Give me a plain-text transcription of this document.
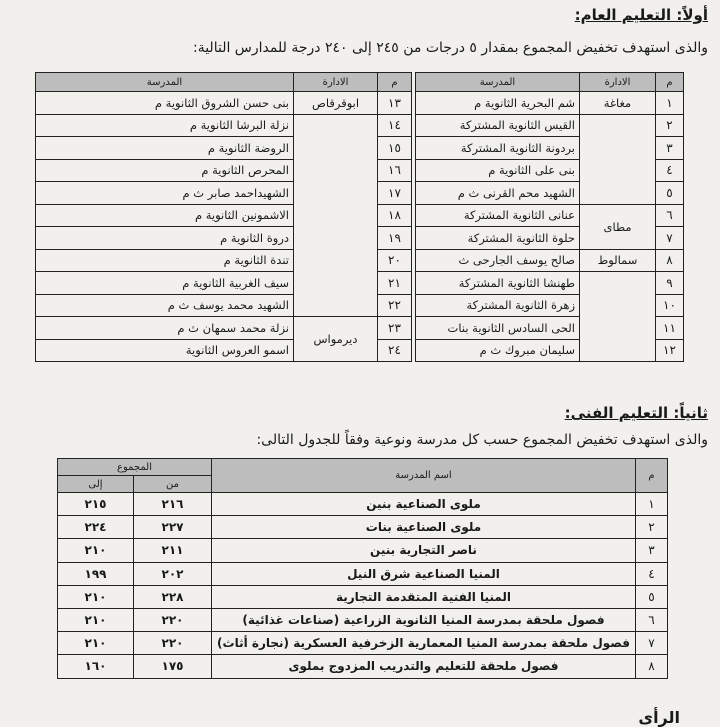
أولاً: التعليم العام:
والذى استهدف تخفيض المجموع بمقدار ٥ درجات من ٢٤٥ إلى ٢٤٠ درجة للمدارس التالية:
م	الادارة	المدرسة		م	الادارة	المدرسة
١	مغاغة	شم البحرية الثانوية م		١٣	ابوقرقاص	بنى حسن الشروق الثانوية م
٢		القيس الثانوية المشتركة		١٤		نزلة البرشا الثانوية م
٣		بردونة الثانوية المشتركة		١٥		الروضة الثانوية م
٤		بنى على الثانوية م		١٦		المحرص الثانوية م
٥		الشهيد محم القرنى ث م		١٧		الشهيداحمد صابر ث م
٦	مطاى	عنانى الثانوية المشتركة		١٨		الاشمونين الثانوية م
٧		حلوة الثانوية المشتركة		١٩		دروة الثانوية م
٨	سمالوط	صالح يوسف الجارحى ث		٢٠		تندة الثانوية م
٩		طهنشا الثانوية المشتركة		٢١		سيف الغربية الثانوية م
١٠		زهرة الثانوية المشتركة		٢٢		الشهيد محمد يوسف ث م
١١		الحى السادس الثانوية بنات		٢٣	ديرمواس	نزلة محمد سمهان ث م
١٢		سليمان مبروك ث م		٢٤		اسمو العروس الثانوية
ثانياً: التعليم الفنى:
والذى استهدف تخفيض المجموع حسب كل مدرسة ونوعية وفقاً للجدول التالى:
م	اسم المدرسة	المجموع	
		من	إلى
١	ملوى الصناعية بنين	٢١٦	٢١٥
٢	ملوى الصناعية بنات	٢٢٧	٢٢٤
٣	ناصر التجارية بنين	٢١١	٢١٠
٤	المنيا الصناعية شرق النيل	٢٠٢	١٩٩
٥	المنيا الفنية المتقدمة التجارية	٢٢٨	٢١٠
٦	فصول ملحقة بمدرسة المنيا الثانوية الزراعية (صناعات غذائية)	٢٢٠	٢١٠
٧	فصول ملحقة بمدرسة المنيا المعمارية الزخرفية العسكرية (نجارة أثاث)	٢٢٠	٢١٠
٨	فصول ملحقة للتعليم والتدريب المزدوج بملوى	١٧٥	١٦٠
الرأى
